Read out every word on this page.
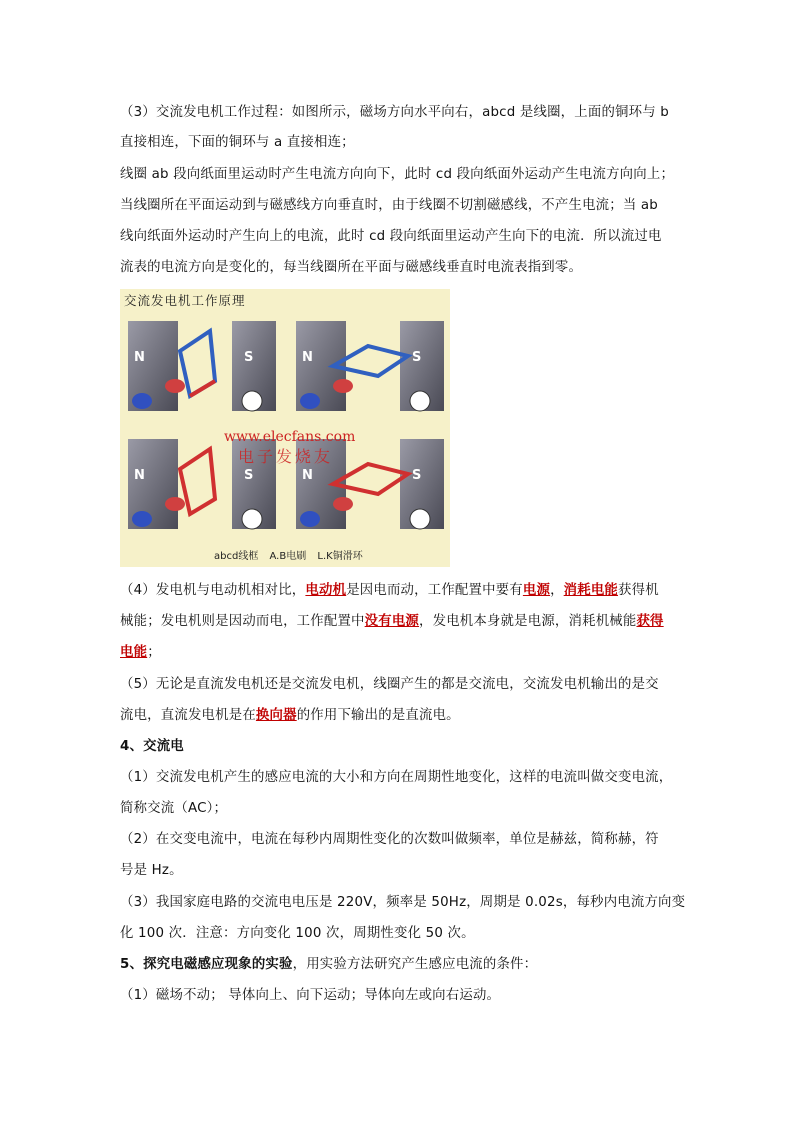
（3）交流发电机工作过程：如图所示，磁场方向水平向右，abcd 是线圈，上面的铜环与 b
直接相连，下面的铜环与 a 直接相连；
线圈 ab 段向纸面里运动时产生电流方向向下，此时 cd 段向纸面外运动产生电流方向向上；
当线圈所在平面运动到与磁感线方向垂直时，由于线圈不切割磁感线，不产生电流；当 ab
线向纸面外运动时产生向上的电流，此时 cd 段向纸面里运动产生向下的电流．所以流过电
流表的电流方向是变化的，每当线圈所在平面与磁感线垂直时电流表指到零。
N	S	N	S
N	S	N	S
交流发电机工作原理
www.elecfans.com
电子发烧友
abcd线框 A.B电刷 L.K铜滑环
（4）发电机与电动机相对比，电动机是因电而动，工作配置中要有电源，消耗电能获得机
械能；发电机则是因动而电，工作配置中没有电源，发电机本身就是电源，消耗机械能获得
电能；
（5）无论是直流发电机还是交流发电机，线圈产生的都是交流电，交流发电机输出的是交
流电，直流发电机是在换向器的作用下输出的是直流电。
4、交流电
（1）交流发电机产生的感应电流的大小和方向在周期性地变化，这样的电流叫做交变电流，
简称交流（AC）；
（2）在交变电流中，电流在每秒内周期性变化的次数叫做频率，单位是赫兹，简称赫，符
号是 Hz。
（3）我国家庭电路的交流电电压是 220V，频率是 50Hz，周期是 0.02s，每秒内电流方向变
化 100 次．注意：方向变化 100 次，周期性变化 50 次。
5、探究电磁感应现象的实验，用实验方法研究产生感应电流的条件：
（1）磁场不动； 导体向上、向下运动；导体向左或向右运动。
